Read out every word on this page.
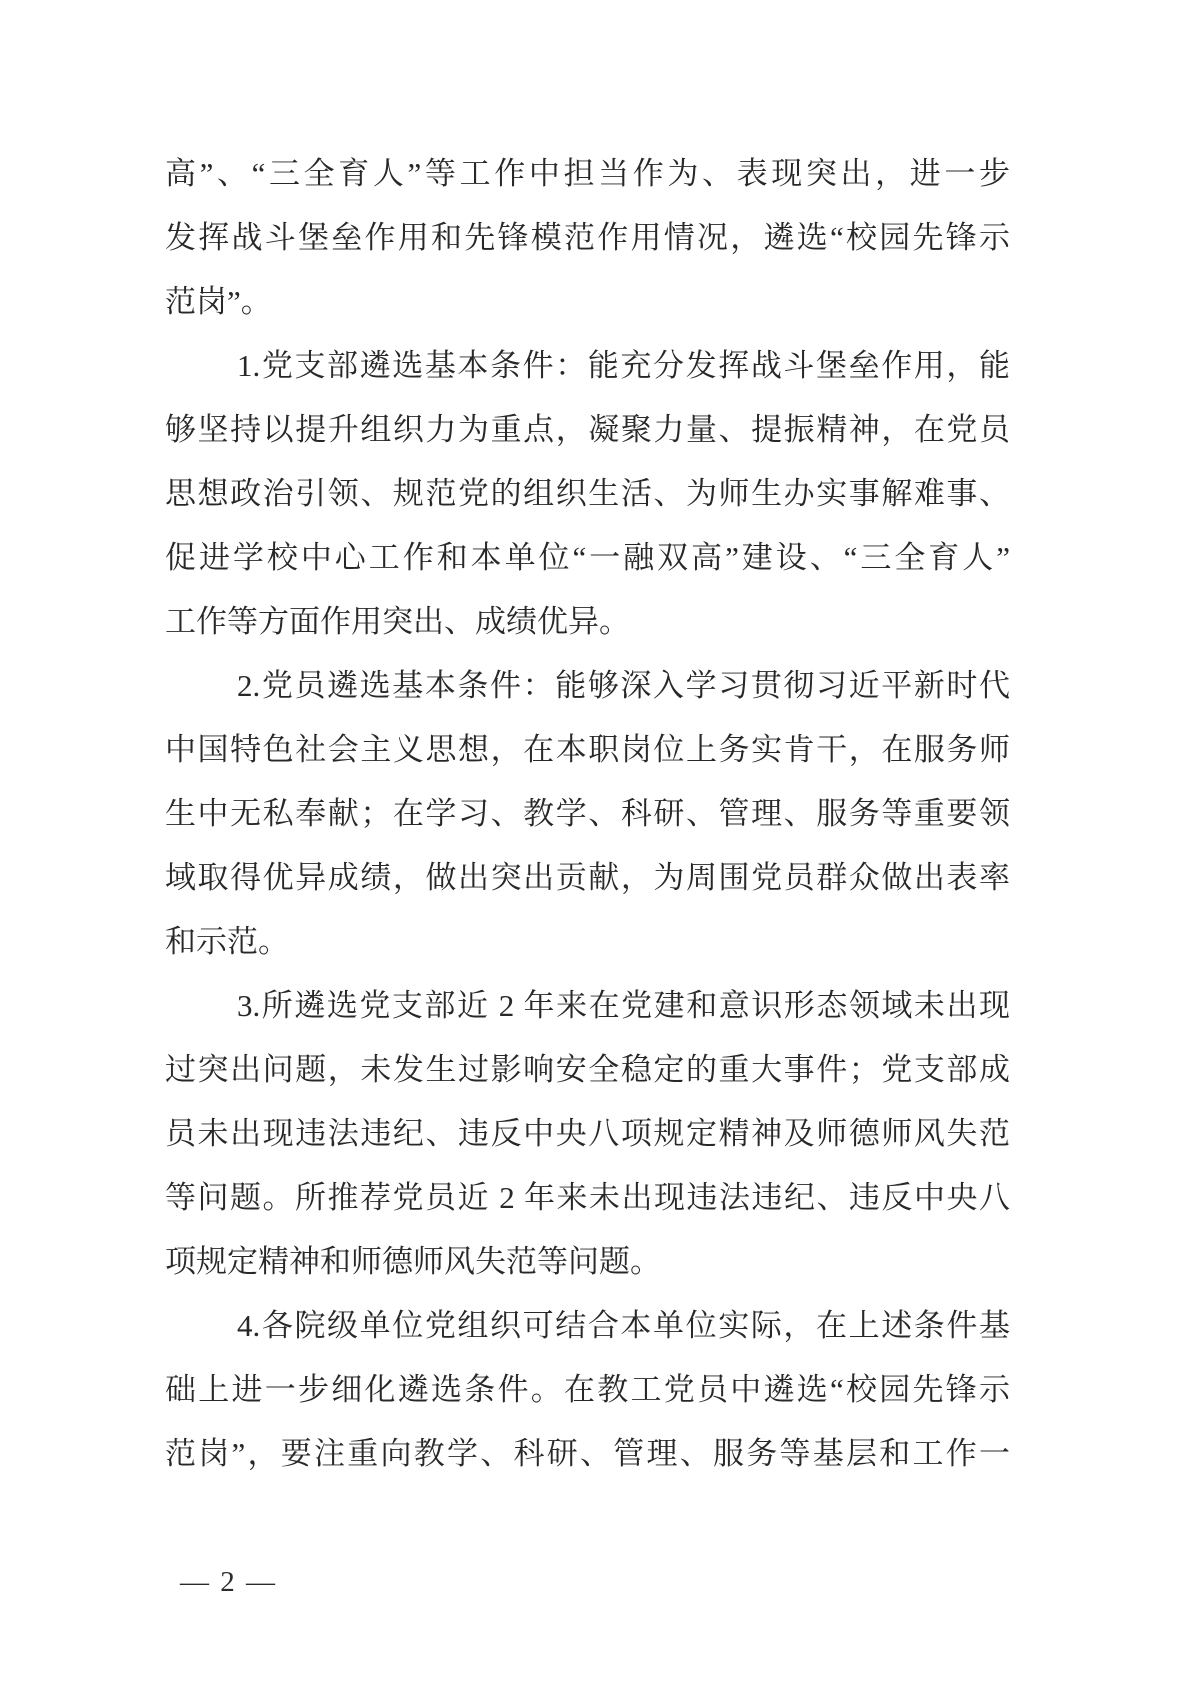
高”、“三全育人”等工作中担当作为、表现突出，进一步
发挥战斗堡垒作用和先锋模范作用情况，遴选“校园先锋示
范岗”。
1.党支部遴选基本条件：能充分发挥战斗堡垒作用，能
够坚持以提升组织力为重点，凝聚力量、提振精神，在党员
思想政治引领、规范党的组织生活、为师生办实事解难事、
促进学校中心工作和本单位“一融双高”建设、“三全育人”
工作等方面作用突出、成绩优异。
2.党员遴选基本条件：能够深入学习贯彻习近平新时代
中国特色社会主义思想，在本职岗位上务实肯干，在服务师
生中无私奉献；在学习、教学、科研、管理、服务等重要领
域取得优异成绩，做出突出贡献，为周围党员群众做出表率
和示范。
3.所遴选党支部近 2 年来在党建和意识形态领域未出现
过突出问题，未发生过影响安全稳定的重大事件；党支部成
员未出现违法违纪、违反中央八项规定精神及师德师风失范
等问题。所推荐党员近 2 年来未出现违法违纪、违反中央八
项规定精神和师德师风失范等问题。
4.各院级单位党组织可结合本单位实际，在上述条件基
础上进一步细化遴选条件。在教工党员中遴选“校园先锋示
范岗”，要注重向教学、科研、管理、服务等基层和工作一
— 2 —
